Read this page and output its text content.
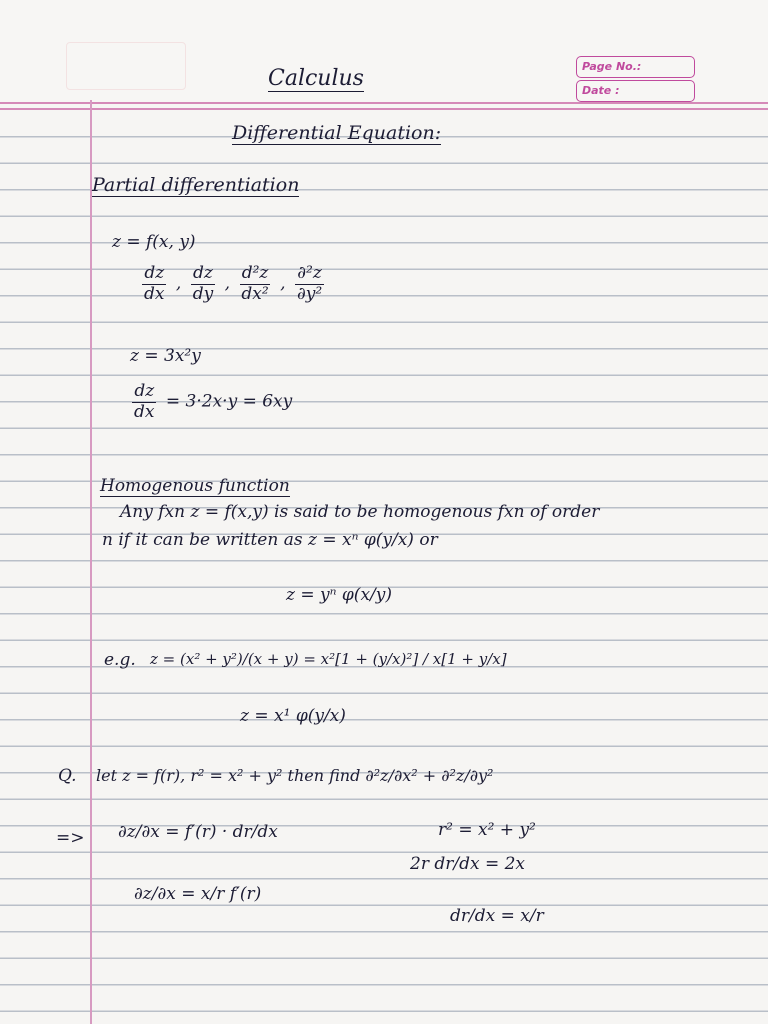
Page No.:
Date :
Calculus
Differential Equation:
Partial differentiation
z = f(x, y)
$\frac{dz}{dx}$ , $\frac{dz}{dy}$ , $\frac{\text{d²z}}{\text{dx²}}$ , $\frac{\text{∂²z}}{\text{∂y²}}$
z = 3x²y
$\frac{dz}{dx} = 3\cdot 2x\cdot y = 6xy$
Homogenous function
Any fxn z = f(x,y) is said to be homogenous fxn of order
n if it can be written as z = xⁿ φ(y/x) or
z = yⁿ φ(x/y)
e.g. z = (x² + y²)/(x + y) = x²[1 + (y/x)²] / x[1 + y/x]
z = x¹ φ(y/x)
Q. let z = f(r), r² = x² + y² then find ∂²z/∂x² + ∂²z/∂y²
=> ∂z/∂x = f′(r) · dr/dx	r² = x² + y²
2r dr/dx = 2x
∂z/∂x = x/r f′(r)
dr/dx = x/r
